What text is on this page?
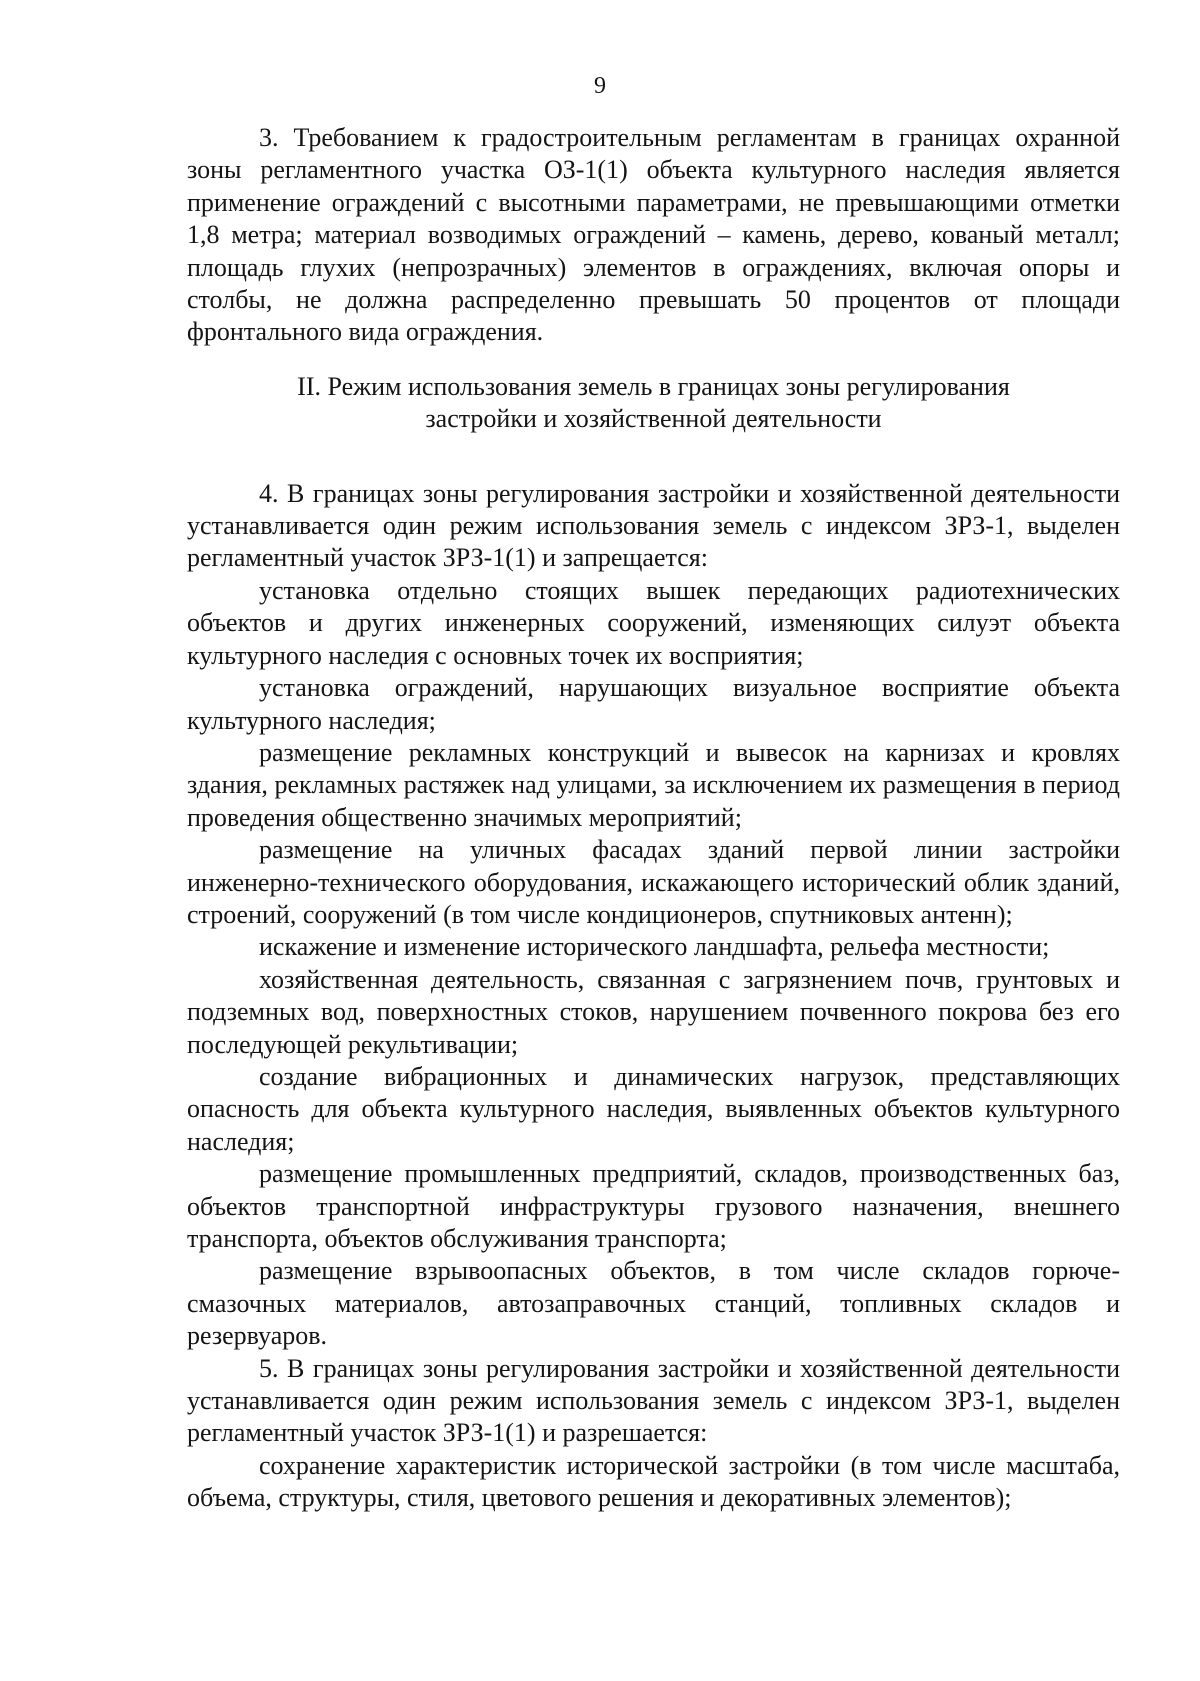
9

3. Требованием к градостроительным регламентам в границах охранной зоны регламентного участка ОЗ-1(1) объекта культурного наследия является применение ограждений с высотными параметрами, не превышающими отметки 1,8 метра; материал возводимых ограждений – камень, дерево, кованый металл; площадь глухих (непрозрачных) элементов в ограждениях, включая опоры и столбы, не должна распределенно превышать 50 процентов от площади фронтального вида ограждения.

II. Режим использования земель в границах зоны регулирования
застройки и хозяйственной деятельности

4. В границах зоны регулирования застройки и хозяйственной деятельности устанавливается один режим использования земель с индексом ЗРЗ-1, выделен регламентный участок ЗРЗ-1(1) и запрещается:

установка отдельно стоящих вышек передающих радиотехнических объектов и других инженерных сооружений, изменяющих силуэт объекта культурного наследия с основных точек их восприятия;

установка ограждений, нарушающих визуальное восприятие объекта культурного наследия;

размещение рекламных конструкций и вывесок на карнизах и кровлях здания, рекламных растяжек над улицами, за исключением их размещения в период проведения общественно значимых мероприятий;

размещение на уличных фасадах зданий первой линии застройки инженерно-технического оборудования, искажающего исторический облик зданий, строений, сооружений (в том числе кондиционеров, спутниковых антенн);

искажение и изменение исторического ландшафта, рельефа местности;

хозяйственная деятельность, связанная с загрязнением почв, грунтовых и подземных вод, поверхностных стоков, нарушением почвенного покрова без его последующей рекультивации;

создание вибрационных и динамических нагрузок, представляющих опасность для объекта культурного наследия, выявленных объектов культурного наследия;

размещение промышленных предприятий, складов, производственных баз, объектов транспортной инфраструктуры грузового назначения, внешнего транспорта, объектов обслуживания транспорта;

размещение взрывоопасных объектов, в том числе складов горюче-смазочных материалов, автозаправочных станций, топливных складов и резервуаров.

5. В границах зоны регулирования застройки и хозяйственной деятельности устанавливается один режим использования земель с индексом ЗРЗ-1, выделен регламентный участок ЗРЗ-1(1) и разрешается:

сохранение характеристик исторической застройки (в том числе масштаба, объема, структуры, стиля, цветового решения и декоративных элементов);
